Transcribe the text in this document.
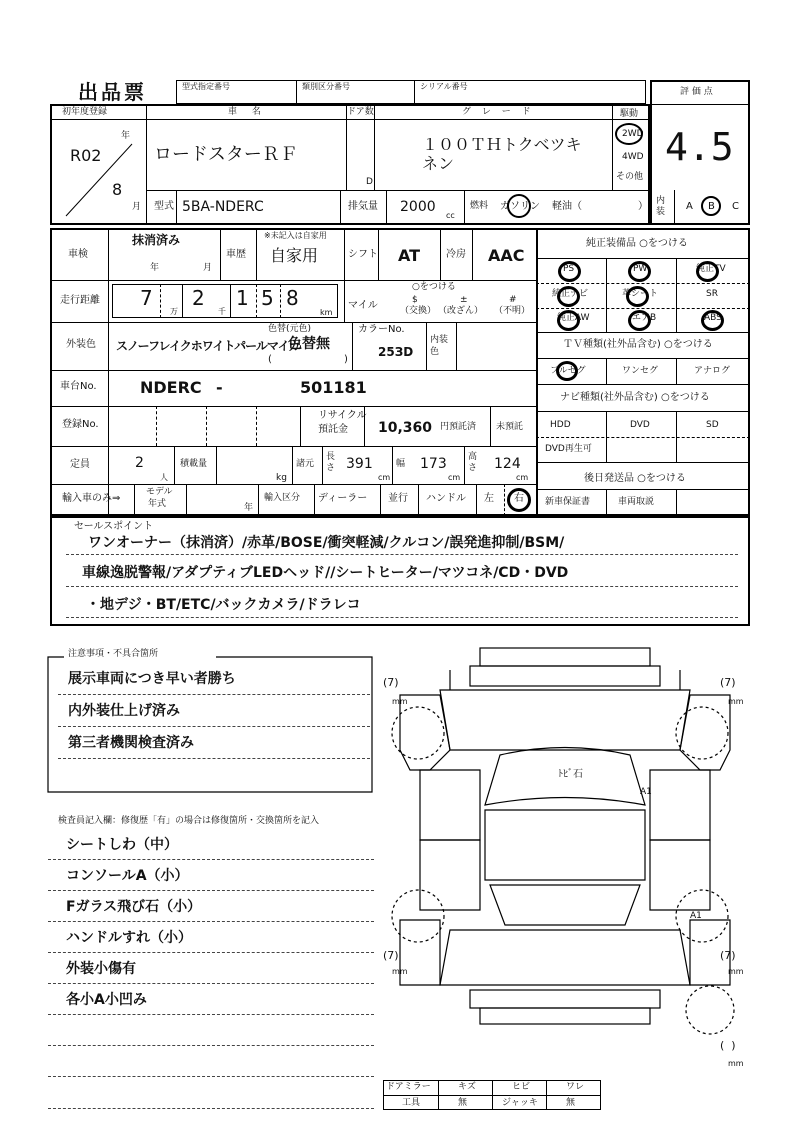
出品票	型式指定番号	類別区分番号	シリアル番号
評 価 点
4.5
初年度登録
年
R02
8
月
車 名
ロードスターＲＦ
ドア数
D
グ レ ー ド
１００ＴＨトクベツキ
ネン
駆動
2WD
4WD
その他
型式 5BA-NDERC	排気量 2000
cc
燃料 ガソリン 軽油（	） 内装 A B C
車検
抹消済み
年	月
車歴
※未記入は自家用
自家用	シフト AT	冷房 AAC
走行距離 7
万
2
千
1 5 8
km
○をつける
マイル	$
（交換）
±
（改ざん）
#
（不明）
外装色 スノーフレイクホワイトパールマイカ
色替(元色)
色替無
(	)
カラーNo.
25ЗD
内装色
車台No.	NDERC -	501181
登録No.
リサイクル
預託金 10,360 円預託済 未預託
定員	2
人
積載量
kg
諸元
長さ 391
cm
幅 173
cm
高さ 124
cm
輸入車のみ⇒
モデル
年式	年
輸入区分 ディーラー 並行 ハンドル 左 右
純正装備品 ○をつける
PS	PW	純正TV
純正ナビ	革シート	SR
純正AW	エアB	ABS
ＴＶ種類(社外品含む) ○をつける
フルセグ	ワンセグ	アナログ
ナビ種類(社外品含む) ○をつける
HDD	DVD	SD
DVD再生可
後日発送品 ○をつける
新車保証書	車両取説
セールスポイント
ワンオーナー（抹消済）/赤革/BOSE/衝突軽減/クルコン/誤発進抑制/BSM/
車線逸脱警報/アダプティブLEDヘッド//シートヒーター/マツコネ/CD・DVD
・地デジ・BT/ETC/バックカメラ/ドラレコ
注意事項・不具合箇所
展示車両につき早い者勝ち
内外装仕上げ済み
第三者機関検査済み
検査員記入欄：修復歴「有」の場合は修復箇所・交換箇所を記入
シートしわ（中）
コンソールA（小）
Fガラス飛び石（小）
ハンドルすれ（小）
外装小傷有
各小A小凹み
ﾄﾋﾞ石
A1
A1
(7)
mm
(7)
mm
(7)
mm
(7)
mm
(  )
mm
ドアミラー	キズ	ヒビ	ワレ
工具	無	ジャッキ	無
